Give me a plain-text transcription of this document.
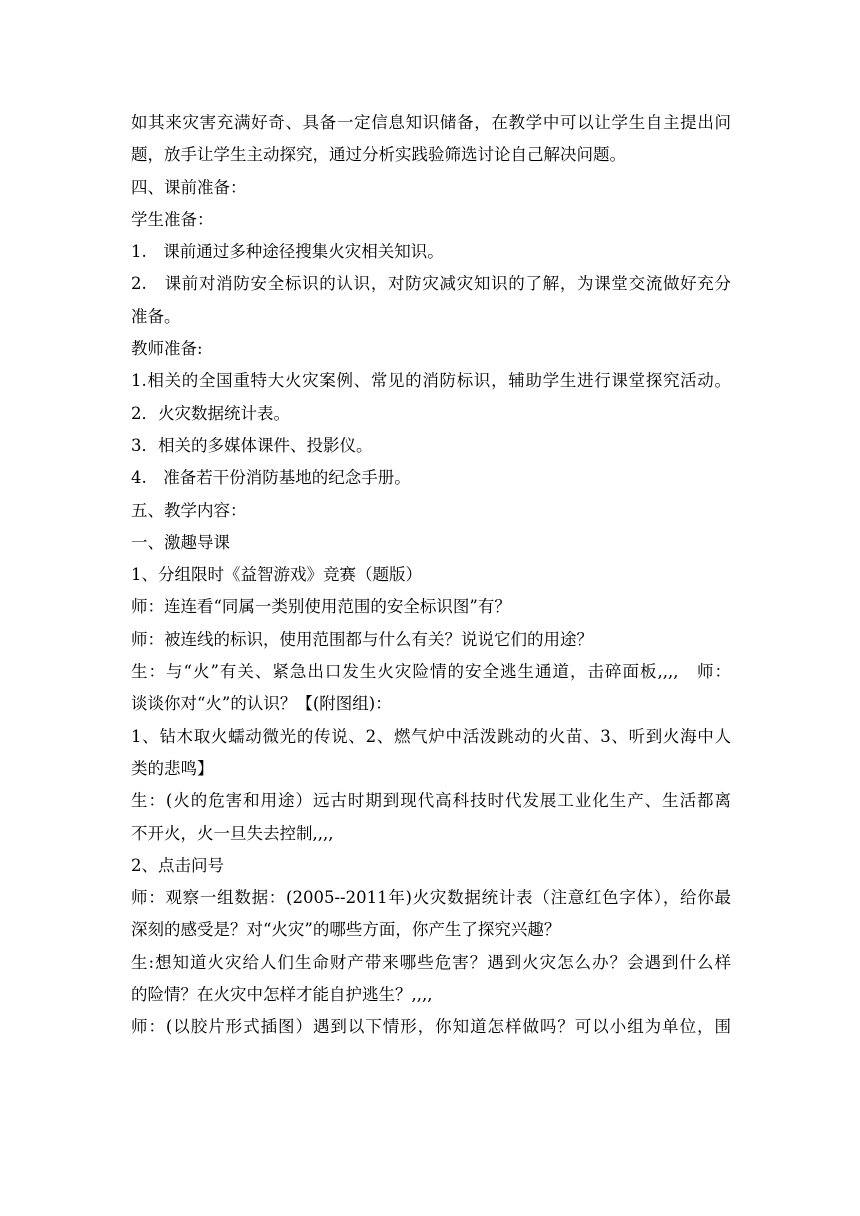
如其来灾害充满好奇、具备一定信息知识储备，在教学中可以让学生自主提出问
题，放手让学生主动探究，通过分析实践验筛选讨论自己解决问题。
四、课前准备：
学生准备：
1.　课前通过多种途径搜集火灾相关知识。
2.　课前对消防安全标识的认识，对防灾减灾知识的了解，为课堂交流做好充分
准备。
教师准备:
1.相关的全国重特大火灾案例、常见的消防标识，辅助学生进行课堂探究活动。
2．火灾数据统计表。
3．相关的多媒体课件、投影仪。
4.　准备若干份消防基地的纪念手册。
五、教学内容：
一、激趣导课
1、分组限时《益智游戏》竞赛（题版）
师：连连看“同属一类别使用范围的安全标识图”有？
师：被连线的标识，使用范围都与什么有关？说说它们的用途？
生：与“火”有关、紧急出口发生火灾险情的安全逃生通道，击碎面板,,,,　师：
谈谈你对“火”的认识？【(附图组)：
1、钻木取火蠕动微光的传说、2、燃气炉中活泼跳动的火苗、3、听到火海中人
类的悲鸣】
生：(火的危害和用途）远古时期到现代高科技时代发展工业化生产、生活都离
不开火，火一旦失去控制,,,,
2、点击问号
师：观察一组数据：(2005--2011年)火灾数据统计表（注意红色字体），给你最
深刻的感受是？对“火灾”的哪些方面，你产生了探究兴趣？
生:想知道火灾给人们生命财产带来哪些危害？遇到火灾怎么办？会遇到什么样
的险情？在火灾中怎样才能自护逃生？,,,,
师：(以胶片形式插图）遇到以下情形，你知道怎样做吗？可以小组为单位，围
